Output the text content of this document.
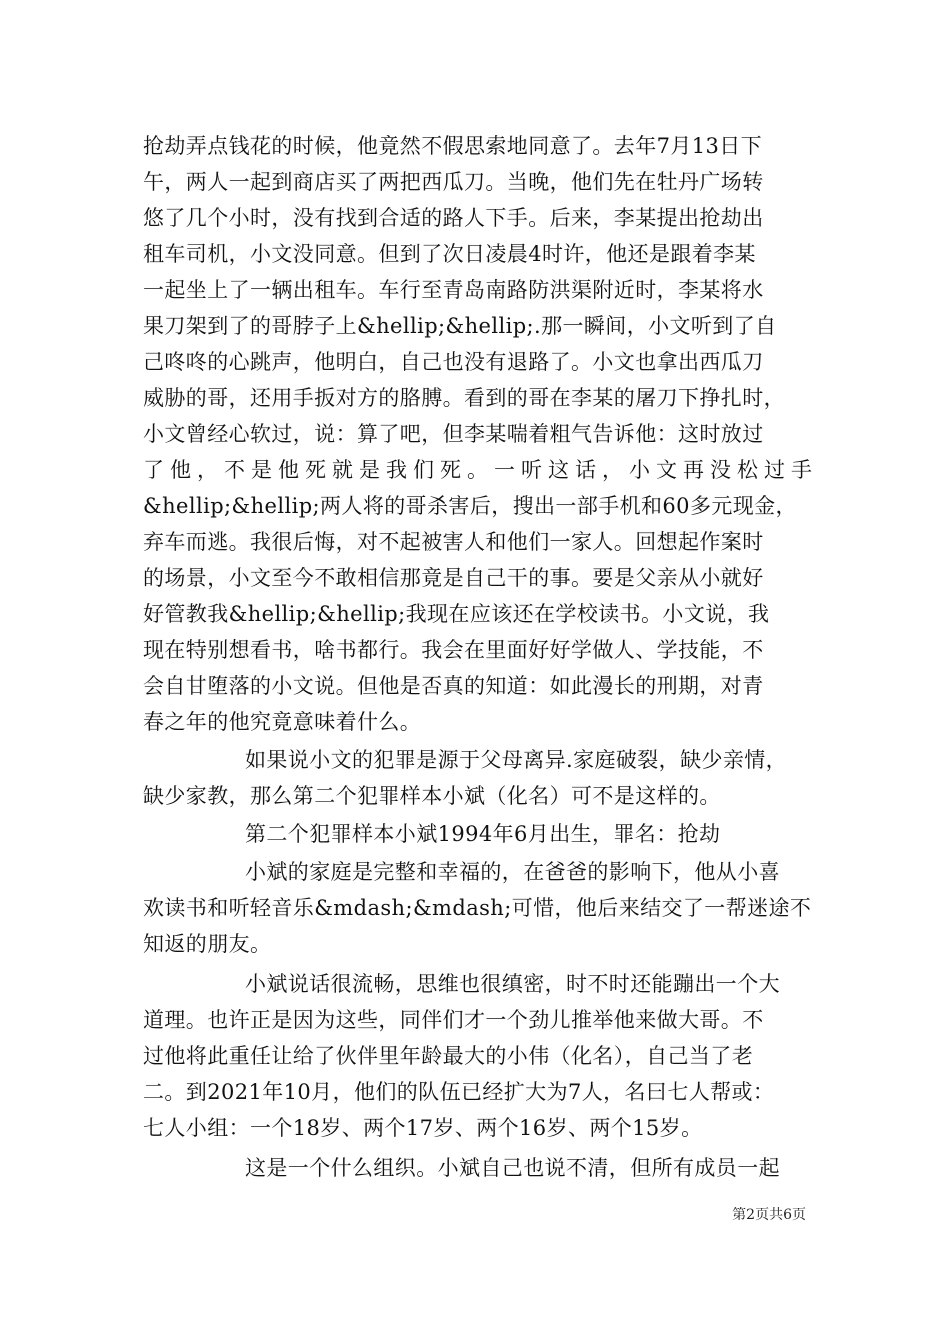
抢劫弄点钱花的时候，他竟然不假思索地同意了。去年7月13日下
午，两人一起到商店买了两把西瓜刀。当晚，他们先在牡丹广场转
悠了几个小时，没有找到合适的路人下手。后来，李某提出抢劫出
租车司机，小文没同意。但到了次日凌晨4时许，他还是跟着李某
一起坐上了一辆出租车。车行至青岛南路防洪渠附近时，李某将水
果刀架到了的哥脖子上&hellip;&hellip;.那一瞬间，小文听到了自
己咚咚的心跳声，他明白，自己也没有退路了。小文也拿出西瓜刀
威胁的哥，还用手扳对方的胳膊。看到的哥在李某的屠刀下挣扎时，
小文曾经心软过，说：算了吧，但李某喘着粗气告诉他：这时放过
了他，不是他死就是我们死。一听这话，小文再没松过手
&hellip;&hellip;两人将的哥杀害后，搜出一部手机和60多元现金，
弃车而逃。我很后悔，对不起被害人和他们一家人。回想起作案时
的场景，小文至今不敢相信那竟是自己干的事。要是父亲从小就好
好管教我&hellip;&hellip;我现在应该还在学校读书。小文说，我
现在特别想看书，啥书都行。我会在里面好好学做人、学技能，不
会自甘堕落的小文说。但他是否真的知道：如此漫长的刑期，对青
春之年的他究竟意味着什么。
如果说小文的犯罪是源于父母离异.家庭破裂，缺少亲情，
缺少家教，那么第二个犯罪样本小斌（化名）可不是这样的。
第二个犯罪样本小斌1994年6月出生，罪名：抢劫
小斌的家庭是完整和幸福的，在爸爸的影响下，他从小喜
欢读书和听轻音乐&mdash;&mdash;可惜，他后来结交了一帮迷途不
知返的朋友。
小斌说话很流畅，思维也很缜密，时不时还能蹦出一个大
道理。也许正是因为这些，同伴们才一个劲儿推举他来做大哥。不
过他将此重任让给了伙伴里年龄最大的小伟（化名），自己当了老
二。到2021年10月，他们的队伍已经扩大为7人，名曰七人帮或：
七人小组：一个18岁、两个17岁、两个16岁、两个15岁。
这是一个什么组织。小斌自己也说不清，但所有成员一起
第2页共6页
